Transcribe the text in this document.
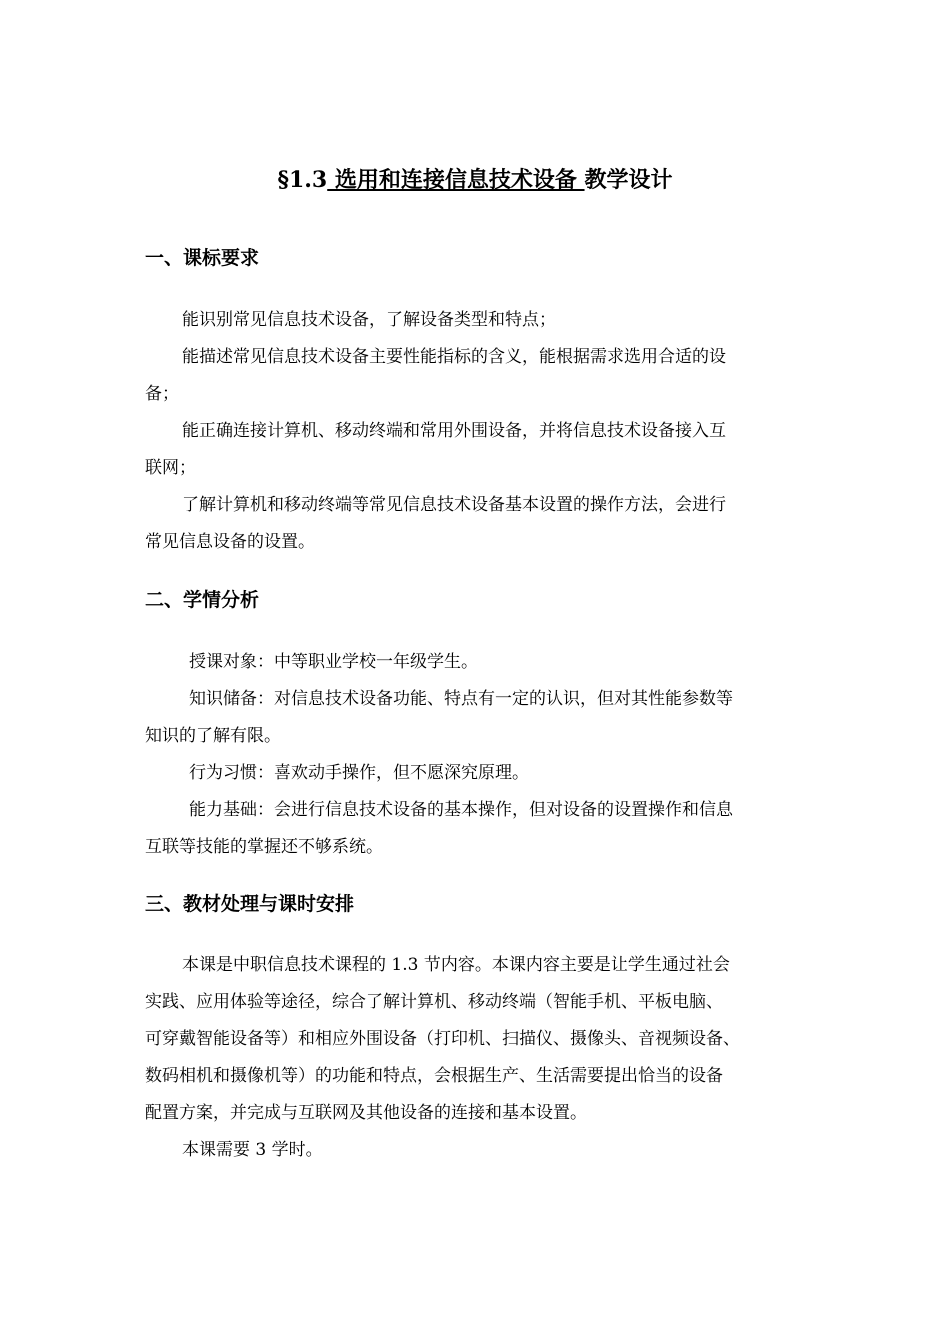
§1.3 选用和连接信息技术设备 教学设计
一、课标要求
能识别常见信息技术设备，了解设备类型和特点；
能描述常见信息技术设备主要性能指标的含义，能根据需求选用合适的设
备；
能正确连接计算机、移动终端和常用外围设备，并将信息技术设备接入互
联网；
了解计算机和移动终端等常见信息技术设备基本设置的操作方法，会进行
常见信息设备的设置。
二、学情分析
授课对象：中等职业学校一年级学生。
知识储备：对信息技术设备功能、特点有一定的认识，但对其性能参数等
知识的了解有限。
行为习惯：喜欢动手操作，但不愿深究原理。
能力基础：会进行信息技术设备的基本操作，但对设备的设置操作和信息
互联等技能的掌握还不够系统。
三、教材处理与课时安排
本课是中职信息技术课程的 1.3 节内容。本课内容主要是让学生通过社会
实践、应用体验等途径，综合了解计算机、移动终端（智能手机、平板电脑、
可穿戴智能设备等）和相应外围设备（打印机、扫描仪、摄像头、音视频设备、
数码相机和摄像机等）的功能和特点，会根据生产、生活需要提出恰当的设备
配置方案，并完成与互联网及其他设备的连接和基本设置。
本课需要 3 学时。
